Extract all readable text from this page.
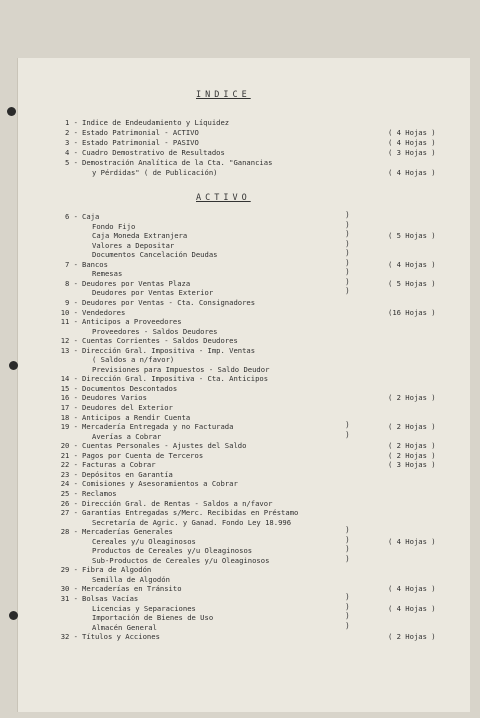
INDICE
1 - Indice de Endeudamiento y Líquidez
2 - Estado Patrimonial - ACTIVO	( 4 Hojas )
3 - Estado Patrimonial - PASIVO	( 4 Hojas )
4 - Cuadro Demostrativo de Resultados	( 3 Hojas )
5 - Demostración Analítica de la Cta. "Ganancias
y Pérdidas" ( de Publicación)	( 4 Hojas )
ACTIVO
6 - Caja
Fondo Fijo
Caja Moneda Extranjera	( 5 Hojas )
Valores a Depositar
Documentos Cancelación Deudas
7 - Bancos	( 4 Hojas )
Remesas
8 - Deudores por Ventas Plaza	( 5 Hojas )
Deudores por Ventas Exterior
9 - Deudores por Ventas - Cta. Consignadores
10 - Vendedores	(16 Hojas )
11 - Anticipos a Proveedores
Proveedores - Saldos Deudores
12 - Cuentas Corrientes - Saldos Deudores
13 - Dirección Gral. Impositiva - Imp. Ventas
( Saldos a n/favor)
Previsiones para Impuestos - Saldo Deudor
14 - Dirección Gral. Impositiva - Cta. Anticipos
15 - Documentos Descontados
16 - Deudores Varios	( 2 Hojas )
17 - Deudores del Exterior
18 - Anticipos a Rendir Cuenta
19 - Mercadería Entregada y no Facturada	( 2 Hojas )
Averías a Cobrar
20 - Cuentas Personales - Ajustes del Saldo	( 2 Hojas )
21 - Pagos por Cuenta de Terceros	( 2 Hojas )
22 - Facturas a Cobrar	( 3 Hojas )
23 - Depósitos en Garantía
24 - Comisiones y Asesoramientos a Cobrar
25 - Reclamos
26 - Dirección Gral. de Rentas - Saldos a n/favor
27 - Garantías Entregadas s/Merc. Recibidas en Préstamo
Secretaría de Agric. y Ganad. Fondo Ley 18.996
28 - Mercaderías Generales
Cereales y/u Oleaginosos	( 4 Hojas )
Productos de Cereales y/u Oleaginosos
Sub-Productos de Cereales y/u Oleaginosos
29 - Fibra de Algodón
Semilla de Algodón
30 - Mercaderías en Tránsito	( 4 Hojas )
31 - Bolsas Vacías
Licencias y Separaciones	( 4 Hojas )
Importación de Bienes de Uso
Almacén General
32 - Títulos y Acciones	( 2 Hojas )
)
)
)
)
)
)
)
)
)
)
)
)
)
)
)
)
)
)
)
